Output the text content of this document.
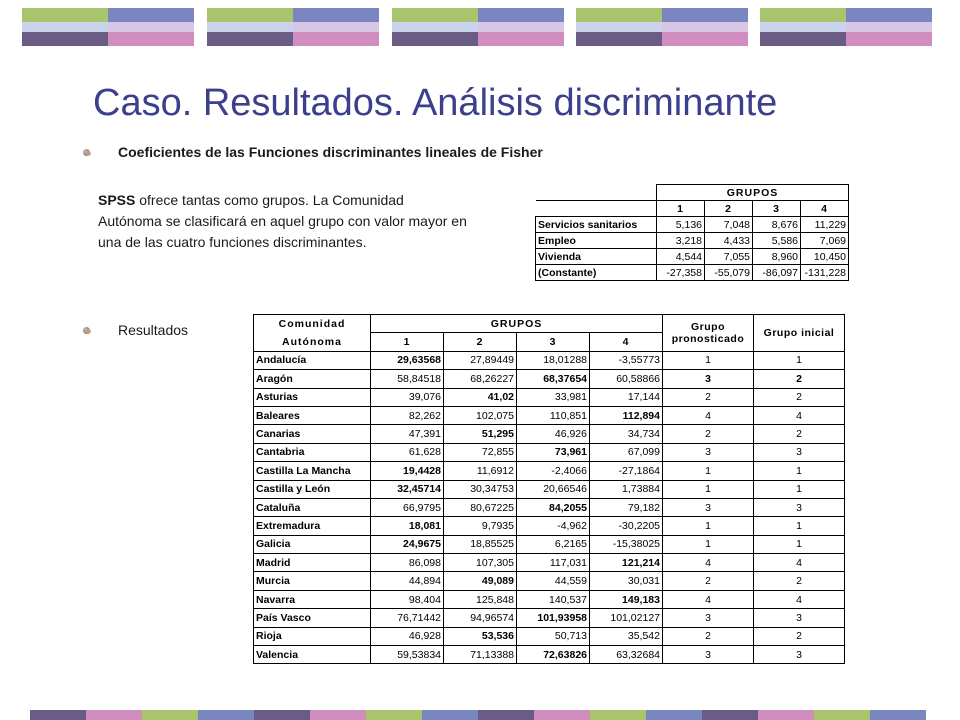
Caso. Resultados. Análisis discriminante
Coeficientes de las Funciones discriminantes lineales de Fisher
SPSS ofrece tantas como grupos. La Comunidad Autónoma se clasificará en aquel grupo con valor mayor en una de las cuatro funciones discriminantes.
	GRUPOS			
	1	2	3	4
Servicios sanitarios	5,136	7,048	8,676	11,229
Empleo	3,218	4,433	5,586	7,069
Vivienda	4,544	7,055	8,960	10,450
(Constante)	-27,358	-55,079	-86,097	-131,228
Resultados	Comunidad	GRUPOS				Grupo pronosticado	Grupo inicial
Autónoma	1	2	3	4		
Andalucía	29,63568	27,89449	18,01288	-3,55773	1	1
Aragón	58,84518	68,26227	68,37654	60,58866	3	2
Asturias	39,076	41,02	33,981	17,144	2	2
Baleares	82,262	102,075	110,851	112,894	4	4
Canarias	47,391	51,295	46,926	34,734	2	2
Cantabria	61,628	72,855	73,961	67,099	3	3
Castilla La Mancha	19,4428	11,6912	-2,4066	-27,1864	1	1
Castilla y León	32,45714	30,34753	20,66546	1,73884	1	1
Cataluña	66,9795	80,67225	84,2055	79,182	3	3
Extremadura	18,081	9,7935	-4,962	-30,2205	1	1
Galicia	24,9675	18,85525	6,2165	-15,38025	1	1
Madrid	86,098	107,305	117,031	121,214	4	4
Murcia	44,894	49,089	44,559	30,031	2	2
Navarra	98,404	125,848	140,537	149,183	4	4
País Vasco	76,71442	94,96574	101,93958	101,02127	3	3
Rioja	46,928	53,536	50,713	35,542	2	2
Valencia	59,53834	71,13388	72,63826	63,32684	3	3
